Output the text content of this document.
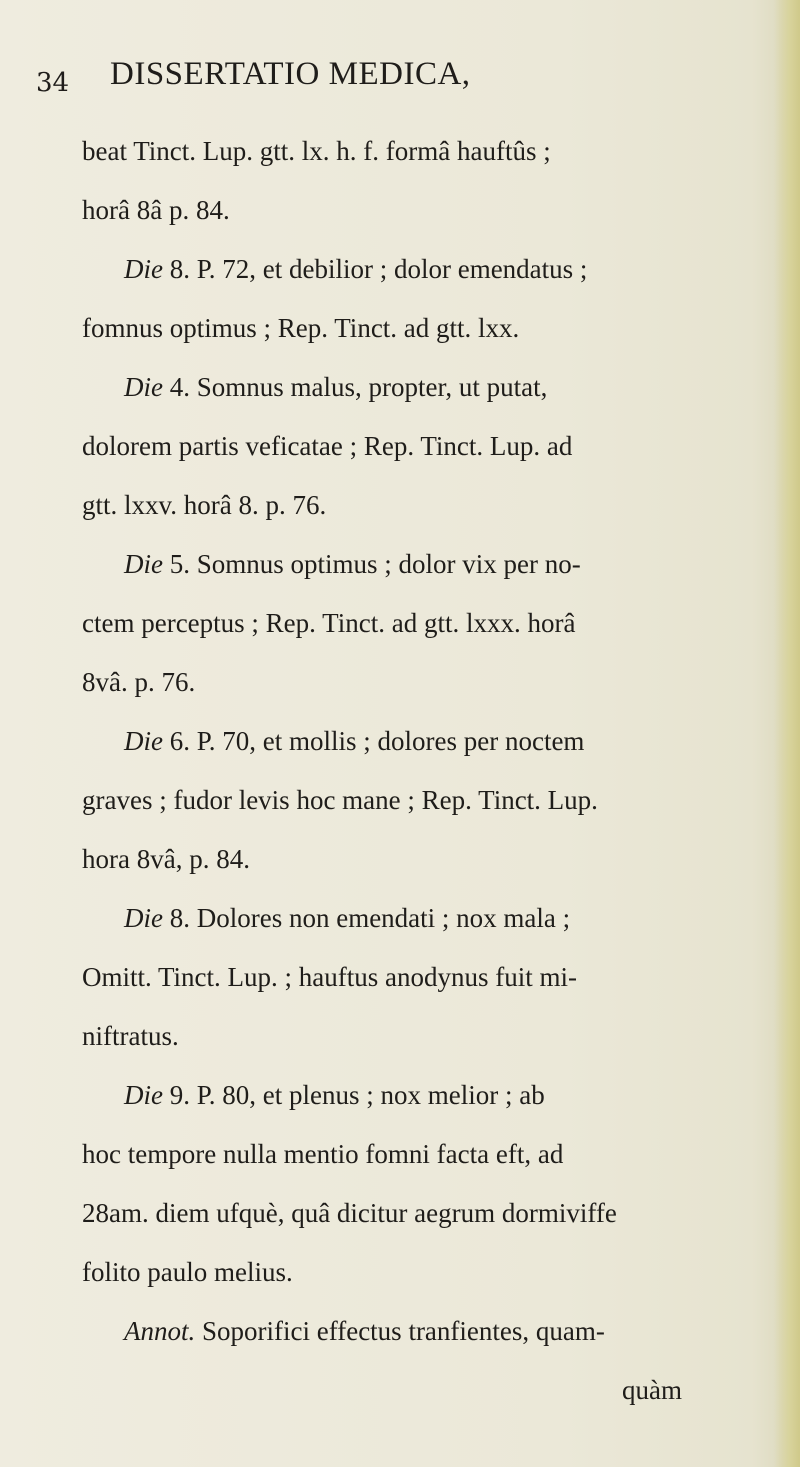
34 DISSERTATIO MEDICA,
beat Tinct. Lup. gtt. lx. h. f. formâ hauftûs ;
horâ 8â p. 84.
Die 8. P. 72, et debilior ; dolor emendatus ;
fomnus optimus ; Rep. Tinct. ad gtt. lxx.
Die 4. Somnus malus, propter, ut putat,
dolorem partis veficatae ; Rep. Tinct. Lup. ad
gtt. lxxv. horâ 8. p. 76.
Die 5. Somnus optimus ; dolor vix per no-
ctem perceptus ; Rep. Tinct. ad gtt. lxxx. horâ
8vâ. p. 76.
Die 6. P. 70, et mollis ; dolores per noctem
graves ; fudor levis hoc mane ; Rep. Tinct. Lup.
hora 8vâ, p. 84.
Die 8. Dolores non emendati ; nox mala ;
Omitt. Tinct. Lup. ; hauftus anodynus fuit mi-
niftratus.
Die 9. P. 80, et plenus ; nox melior ; ab
hoc tempore nulla mentio fomni facta eft, ad
28am. diem ufquè, quâ dicitur aegrum dormiviffe
folito paulo melius.
Annot. Soporifici effectus tranfientes, quam-
quàm
